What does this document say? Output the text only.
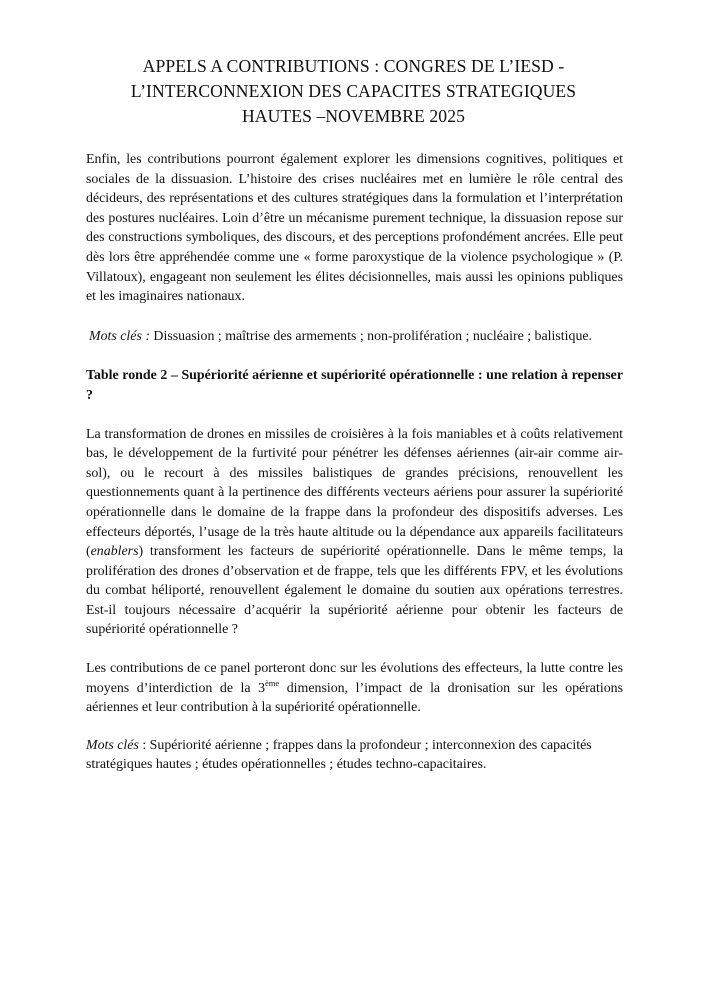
APPELS A CONTRIBUTIONS : CONGRES DE L’IESD -
L’INTERCONNEXION DES CAPACITES STRATEGIQUES
HAUTES –NOVEMBRE 2025

Enfin, les contributions pourront également explorer les dimensions cognitives, politiques et sociales de la dissuasion. L’histoire des crises nucléaires met en lumière le rôle central des décideurs, des représentations et des cultures stratégiques dans la formulation et l’interprétation des postures nucléaires. Loin d’être un mécanisme purement technique, la dissuasion repose sur des constructions symboliques, des discours, et des perceptions profondément ancrées. Elle peut dès lors être appréhendée comme une « forme paroxystique de la violence psychologique » (P. Villatoux), engageant non seulement les élites décisionnelles, mais aussi les opinions publiques et les imaginaires nationaux.

Mots clés : Dissuasion ; maîtrise des armements ; non-prolifération ; nucléaire ; balistique.

Table ronde 2 – Supériorité aérienne et supériorité opérationnelle : une relation à repenser ?

La transformation de drones en missiles de croisières à la fois maniables et à coûts relativement bas, le développement de la furtivité pour pénétrer les défenses aériennes (air-air comme air-sol), ou le recourt à des missiles balistiques de grandes précisions, renouvellent les questionnements quant à la pertinence des différents vecteurs aériens pour assurer la supériorité opérationnelle dans le domaine de la frappe dans la profondeur des dispositifs adverses. Les effecteurs déportés, l’usage de la très haute altitude ou la dépendance aux appareils facilitateurs (enablers) transforment les facteurs de supériorité opérationnelle. Dans le même temps, la prolifération des drones d’observation et de frappe, tels que les différents FPV, et les évolutions du combat héliporté, renouvellent également le domaine du soutien aux opérations terrestres. Est-il toujours nécessaire d’acquérir la supériorité aérienne pour obtenir les facteurs de supériorité opérationnelle ?

Les contributions de ce panel porteront donc sur les évolutions des effecteurs, la lutte contre les moyens d’interdiction de la 3ème dimension, l’impact de la dronisation sur les opérations aériennes et leur contribution à la supériorité opérationnelle.

Mots clés : Supériorité aérienne ; frappes dans la profondeur ; interconnexion des capacités stratégiques hautes ; études opérationnelles ; études techno-capacitaires.
